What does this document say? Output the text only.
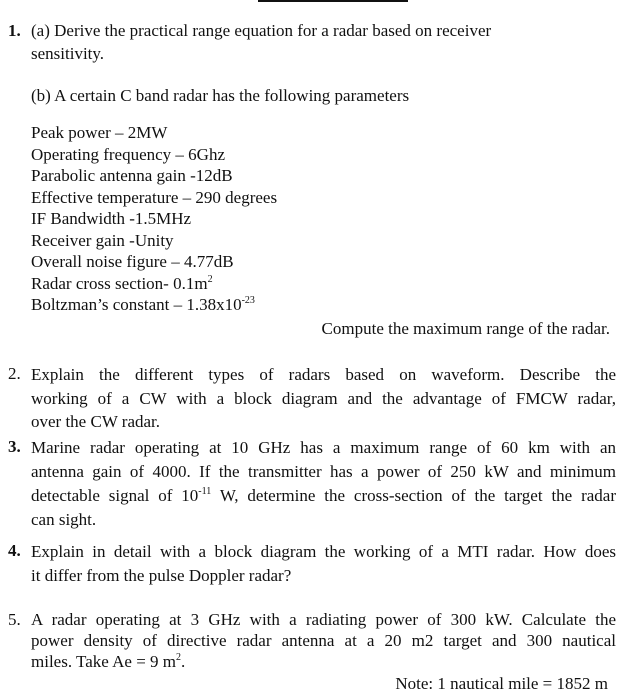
1. (a) Derive the practical range equation for a radar based on receiver
sensitivity.
(b) A certain C band radar has the following parameters
Peak power – 2MW
Operating frequency – 6Ghz
Parabolic antenna gain -12dB
Effective temperature – 290 degrees
IF Bandwidth -1.5MHz
Receiver gain -Unity
Overall noise figure – 4.77dB
Radar cross section- $0.1m^2$
Boltzman’s constant – $1.38x10^{-23}$
Compute the maximum range of the radar.
2. Explain the different types of radars based on waveform. Describe the
working of a CW with a block diagram and the advantage of FMCW radar,
over the CW radar.
3. Marine radar operating at 10 GHz has a maximum range of 60 km with an
antenna gain of 4000. If the transmitter has a power of 250 kW and minimum
detectable signal of $10^{-11}$ W, determine the cross-section of the target the radar
can sight.
4. Explain in detail with a block diagram the working of a MTI radar. How does
it differ from the pulse Doppler radar?
5. A radar operating at 3 GHz with a radiating power of 300 kW. Calculate the
power density of directive radar antenna at a 20 m2 target and 300 nautical
miles. Take Ae = 9 $m^2$.
Note: 1 nautical mile = 1852 m
